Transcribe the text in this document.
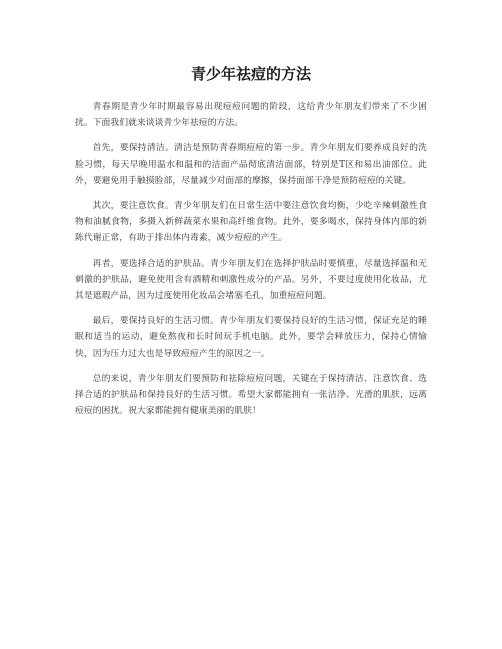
青少年祛痘的方法

青春期是青少年时期最容易出现痘痘问题的阶段，这给青少年朋友们带来了不少困扰。下面我们就来谈谈青少年祛痘的方法。

首先，要保持清洁。清洁是预防青春期痘痘的第一步。青少年朋友们要养成良好的洗脸习惯，每天早晚用温水和温和的洁面产品彻底清洁面部，特别是T区和易出油部位。此外，要避免用手触摸脸部，尽量减少对面部的摩擦，保持面部干净是预防痘痘的关键。

其次，要注意饮食。青少年朋友们在日常生活中要注意饮食均衡，少吃辛辣刺激性食物和油腻食物，多摄入新鲜蔬菜水果和高纤维食物。此外，要多喝水，保持身体内部的新陈代谢正常，有助于排出体内毒素，减少痘痘的产生。

再者，要选择合适的护肤品。青少年朋友们在选择护肤品时要慎重，尽量选择温和无刺激的护肤品，避免使用含有酒精和刺激性成分的产品。另外，不要过度使用化妆品，尤其是遮瑕产品，因为过度使用化妆品会堵塞毛孔，加重痘痘问题。

最后，要保持良好的生活习惯。青少年朋友们要保持良好的生活习惯，保证充足的睡眠和适当的运动，避免熬夜和长时间玩手机电脑。此外，要学会释放压力，保持心情愉快，因为压力过大也是导致痘痘产生的原因之一。

总的来说，青少年朋友们要预防和祛除痘痘问题，关键在于保持清洁、注意饮食、选择合适的护肤品和保持良好的生活习惯。希望大家都能拥有一张洁净、光滑的肌肤，远离痘痘的困扰。祝大家都能拥有健康美丽的肌肤！
